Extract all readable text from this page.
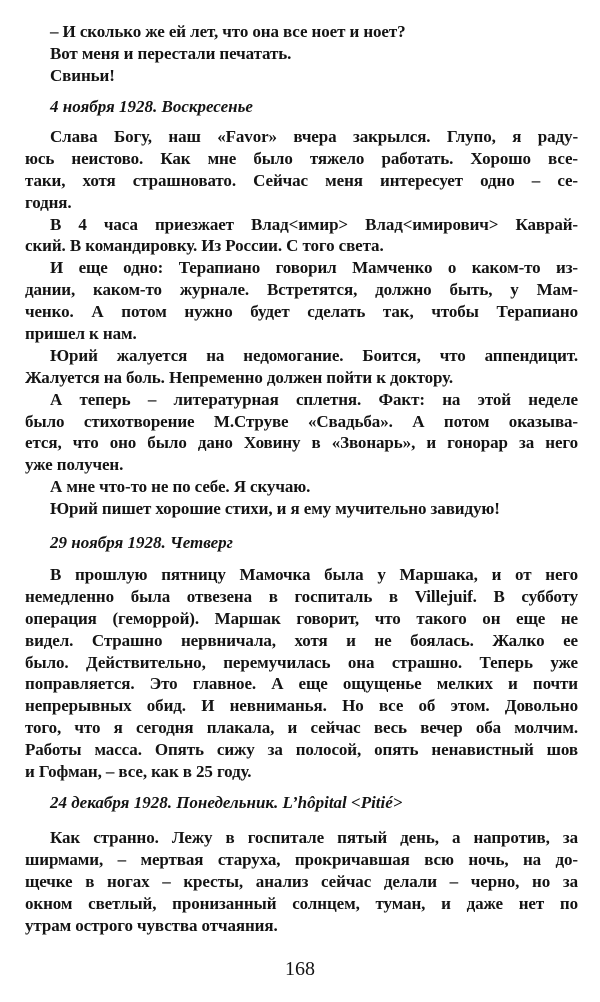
4 ноября 1928. Воскресенье
29 ноября 1928. Четверг
24 декабря 1928. Понедельник. L’hôpital <Pitié>
– И сколько же ей лет, что она все ноет и ноет?
Вот меня и перестали печатать.
Свиньи!
Слава Богу, наш «Favor» вчера закрылся. Глупо, я раду-
юсь неистово. Как мне было тяжело работать. Хорошо все-
таки, хотя страшновато. Сейчас меня интересует одно – се-
годня.
В 4 часа приезжает Влад<имир> Влад<имирович> Каврай-
ский. В командировку. Из России. С того света.
И еще одно: Терапиано говорил Мамченко о каком-то из-
дании, каком-то журнале. Встретятся, должно быть, у Мам-
ченко. А потом нужно будет сделать так, чтобы Терапиано
пришел к нам.
Юрий жалуется на недомогание. Боится, что аппендицит.
Жалуется на боль. Непременно должен пойти к доктору.
А теперь – литературная сплетня. Факт: на этой неделе
было стихотворение М.Струве «Свадьба». А потом оказыва-
ется, что оно было дано Ховину в «Звонарь», и гонорар за него
уже получен.
А мне что-то не по себе. Я скучаю.
Юрий пишет хорошие стихи, и я ему мучительно завидую!
В прошлую пятницу Мамочка была у Маршака, и от него
немедленно была отвезена в госпиталь в Villejuif. В субботу
операция (геморрой). Маршак говорит, что такого он еще не
видел. Страшно нервничала, хотя и не боялась. Жалко ее
было. Действительно, перемучилась она страшно. Теперь уже
поправляется. Это главное. А еще ощущенье мелких и почти
непрерывных обид. И невниманья. Но все об этом. Довольно
того, что я сегодня плакала, и сейчас весь вечер оба молчим.
Работы масса. Опять сижу за полосой, опять ненавистный шов
и Гофман, – все, как в 25 году.
Как странно. Лежу в госпитале пятый день, а напротив, за
ширмами, – мертвая старуха, прокричавшая всю ночь, на до-
щечке в ногах – кресты, анализ сейчас делали – черно, но за
окном светлый, пронизанный солнцем, туман, и даже нет по
утрам острого чувства отчаяния.
168
